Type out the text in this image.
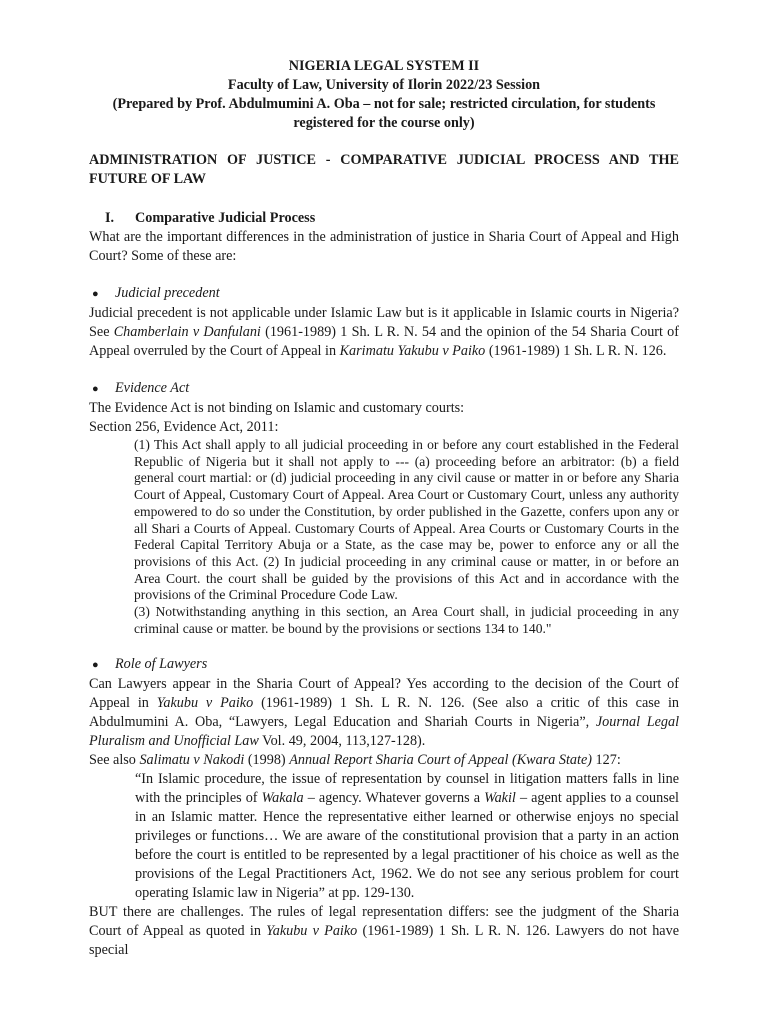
NIGERIA LEGAL SYSTEM II
Faculty of Law, University of Ilorin 2022/23 Session
(Prepared by Prof. Abdulmumini A. Oba – not for sale; restricted circulation, for students
registered for the course only)
ADMINISTRATION OF JUSTICE - COMPARATIVE JUDICIAL PROCESS AND THE FUTURE OF LAW
I. Comparative Judicial Process

What are the important differences in the administration of justice in Sharia Court of Appeal and High Court? Some of these are:

● Judicial precedent

Judicial precedent is not applicable under Islamic Law but is it applicable in Islamic courts in Nigeria? See Chamberlain v Danfulani (1961-1989) 1 Sh. L R. N. 54 and the opinion of the 54 Sharia Court of Appeal overruled by the Court of Appeal in Karimatu Yakubu v Paiko (1961-1989) 1 Sh. L R. N. 126.

● Evidence Act

The Evidence Act is not binding on Islamic and customary courts:

Section 256, Evidence Act, 2011:

(1) This Act shall apply to all judicial proceeding in or before any court established in the Federal Republic of Nigeria but it shall not apply to --- (a) proceeding before an arbitrator: (b) a field general court martial: or (d) judicial proceeding in any civil cause or matter in or before any Sharia Court of Appeal, Customary Court of Appeal. Area Court or Customary Court, unless any authority empowered to do so under the Constitution, by order published in the Gazette, confers upon any or all Shari a Courts of Appeal. Customary Courts of Appeal. Area Courts or Customary Courts in the Federal Capital Territory Abuja or a State, as the case may be, power to enforce any or all the provisions of this Act. (2) In judicial proceeding in any criminal cause or matter, in or before an Area Court. the court shall be guided by the provisions of this Act and in accordance with the provisions of the Criminal Procedure Code Law.
(3) Notwithstanding anything in this section, an Area Court shall, in judicial proceeding in any criminal cause or matter. be bound by the provisions or sections 134 to 140."
● Role of Lawyers

Can Lawyers appear in the Sharia Court of Appeal? Yes according to the decision of the Court of Appeal in Yakubu v Paiko (1961-1989) 1 Sh. L R. N. 126. (See also a critic of this case in Abdulmumini A. Oba, “Lawyers, Legal Education and Shariah Courts in Nigeria”, Journal Legal Pluralism and Unofficial Law Vol. 49, 2004, 113,127-128).

See also Salimatu v Nakodi (1998) Annual Report Sharia Court of Appeal (Kwara State) 127:

“In Islamic procedure, the issue of representation by counsel in litigation matters falls in line with the principles of Wakala – agency. Whatever governs a Wakil – agent applies to a counsel in an Islamic matter. Hence the representative either learned or otherwise enjoys no special privileges or functions… We are aware of the constitutional provision that a party in an action before the court is entitled to be represented by a legal practitioner of his choice as well as the provisions of the Legal Practitioners Act, 1962. We do not see any serious problem for court operating Islamic law in Nigeria” at pp. 129-130.

BUT there are challenges. The rules of legal representation differs: see the judgment of the Sharia Court of Appeal as quoted in Yakubu v Paiko (1961-1989) 1 Sh. L R. N. 126. Lawyers do not have special
